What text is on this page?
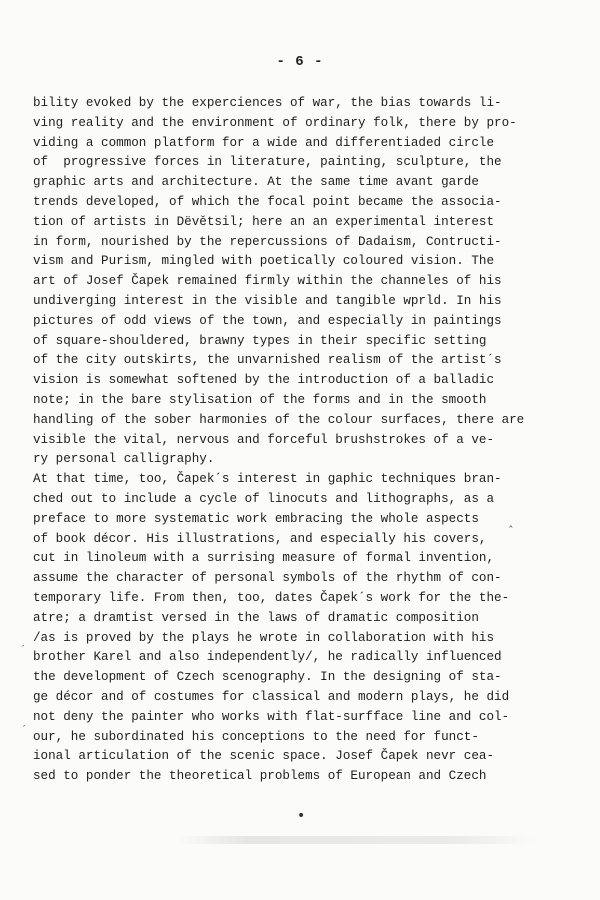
- 6 -
bility evoked by the experciences of war, the bias towards li-
ving reality and the environment of ordinary folk, there by pro-
viding a common platform for a wide and differentiaded circle
of  progressive forces in literature, painting, sculpture, the
graphic arts and architecture. At the same time avant garde
trends developed, of which the focal point became the associa-
tion of artists in Dëvětsil; here an an experimental interest
in form, nourished by the repercussions of Dadaism, Contructi-
vism and Purism, mingled with poetically coloured vision. The
art of Josef Čapek remained firmly within the channeles of his
undiverging interest in the visible and tangible wprld. In his
pictures of odd views of the town, and especially in paintings
of square-shouldered, brawny types in their specific setting
of the city outskirts, the unvarnished realism of the artist´s
vision is somewhat softened by the introduction of a balladic
note; in the bare stylisation of the forms and in the smooth
handling of the sober harmonies of the colour surfaces, there are
visible the vital, nervous and forceful brushstrokes of a ve-
ry personal calligraphy.
At that time, too, Čapek´s interest in gaphic techniques bran-
ched out to include a cycle of linocuts and lithographs, as a
preface to more systematic work embracing the whole aspects
of book décor. His illustrations, and especially his covers,
cut in linoleum with a surrising measure of formal invention,
assume the character of personal symbols of the rhythm of con-
temporary life. From then, too, dates Čapek´s work for the the-
atre; a dramtist versed in the laws of dramatic composition
/as is proved by the plays he wrote in collaboration with his
brother Karel and also independently/, he radically influenced
the development of Czech scenography. In the designing of sta-
ge décor and of costumes for classical and modern plays, he did
not deny the painter who works with flat-surfface line and col-
our, he subordinated his conceptions to the need for funct-
ional articulation of the scenic space. Josef Čapek nevr cea-
sed to ponder the theoretical problems of European and Czech
‸
′
′
•
